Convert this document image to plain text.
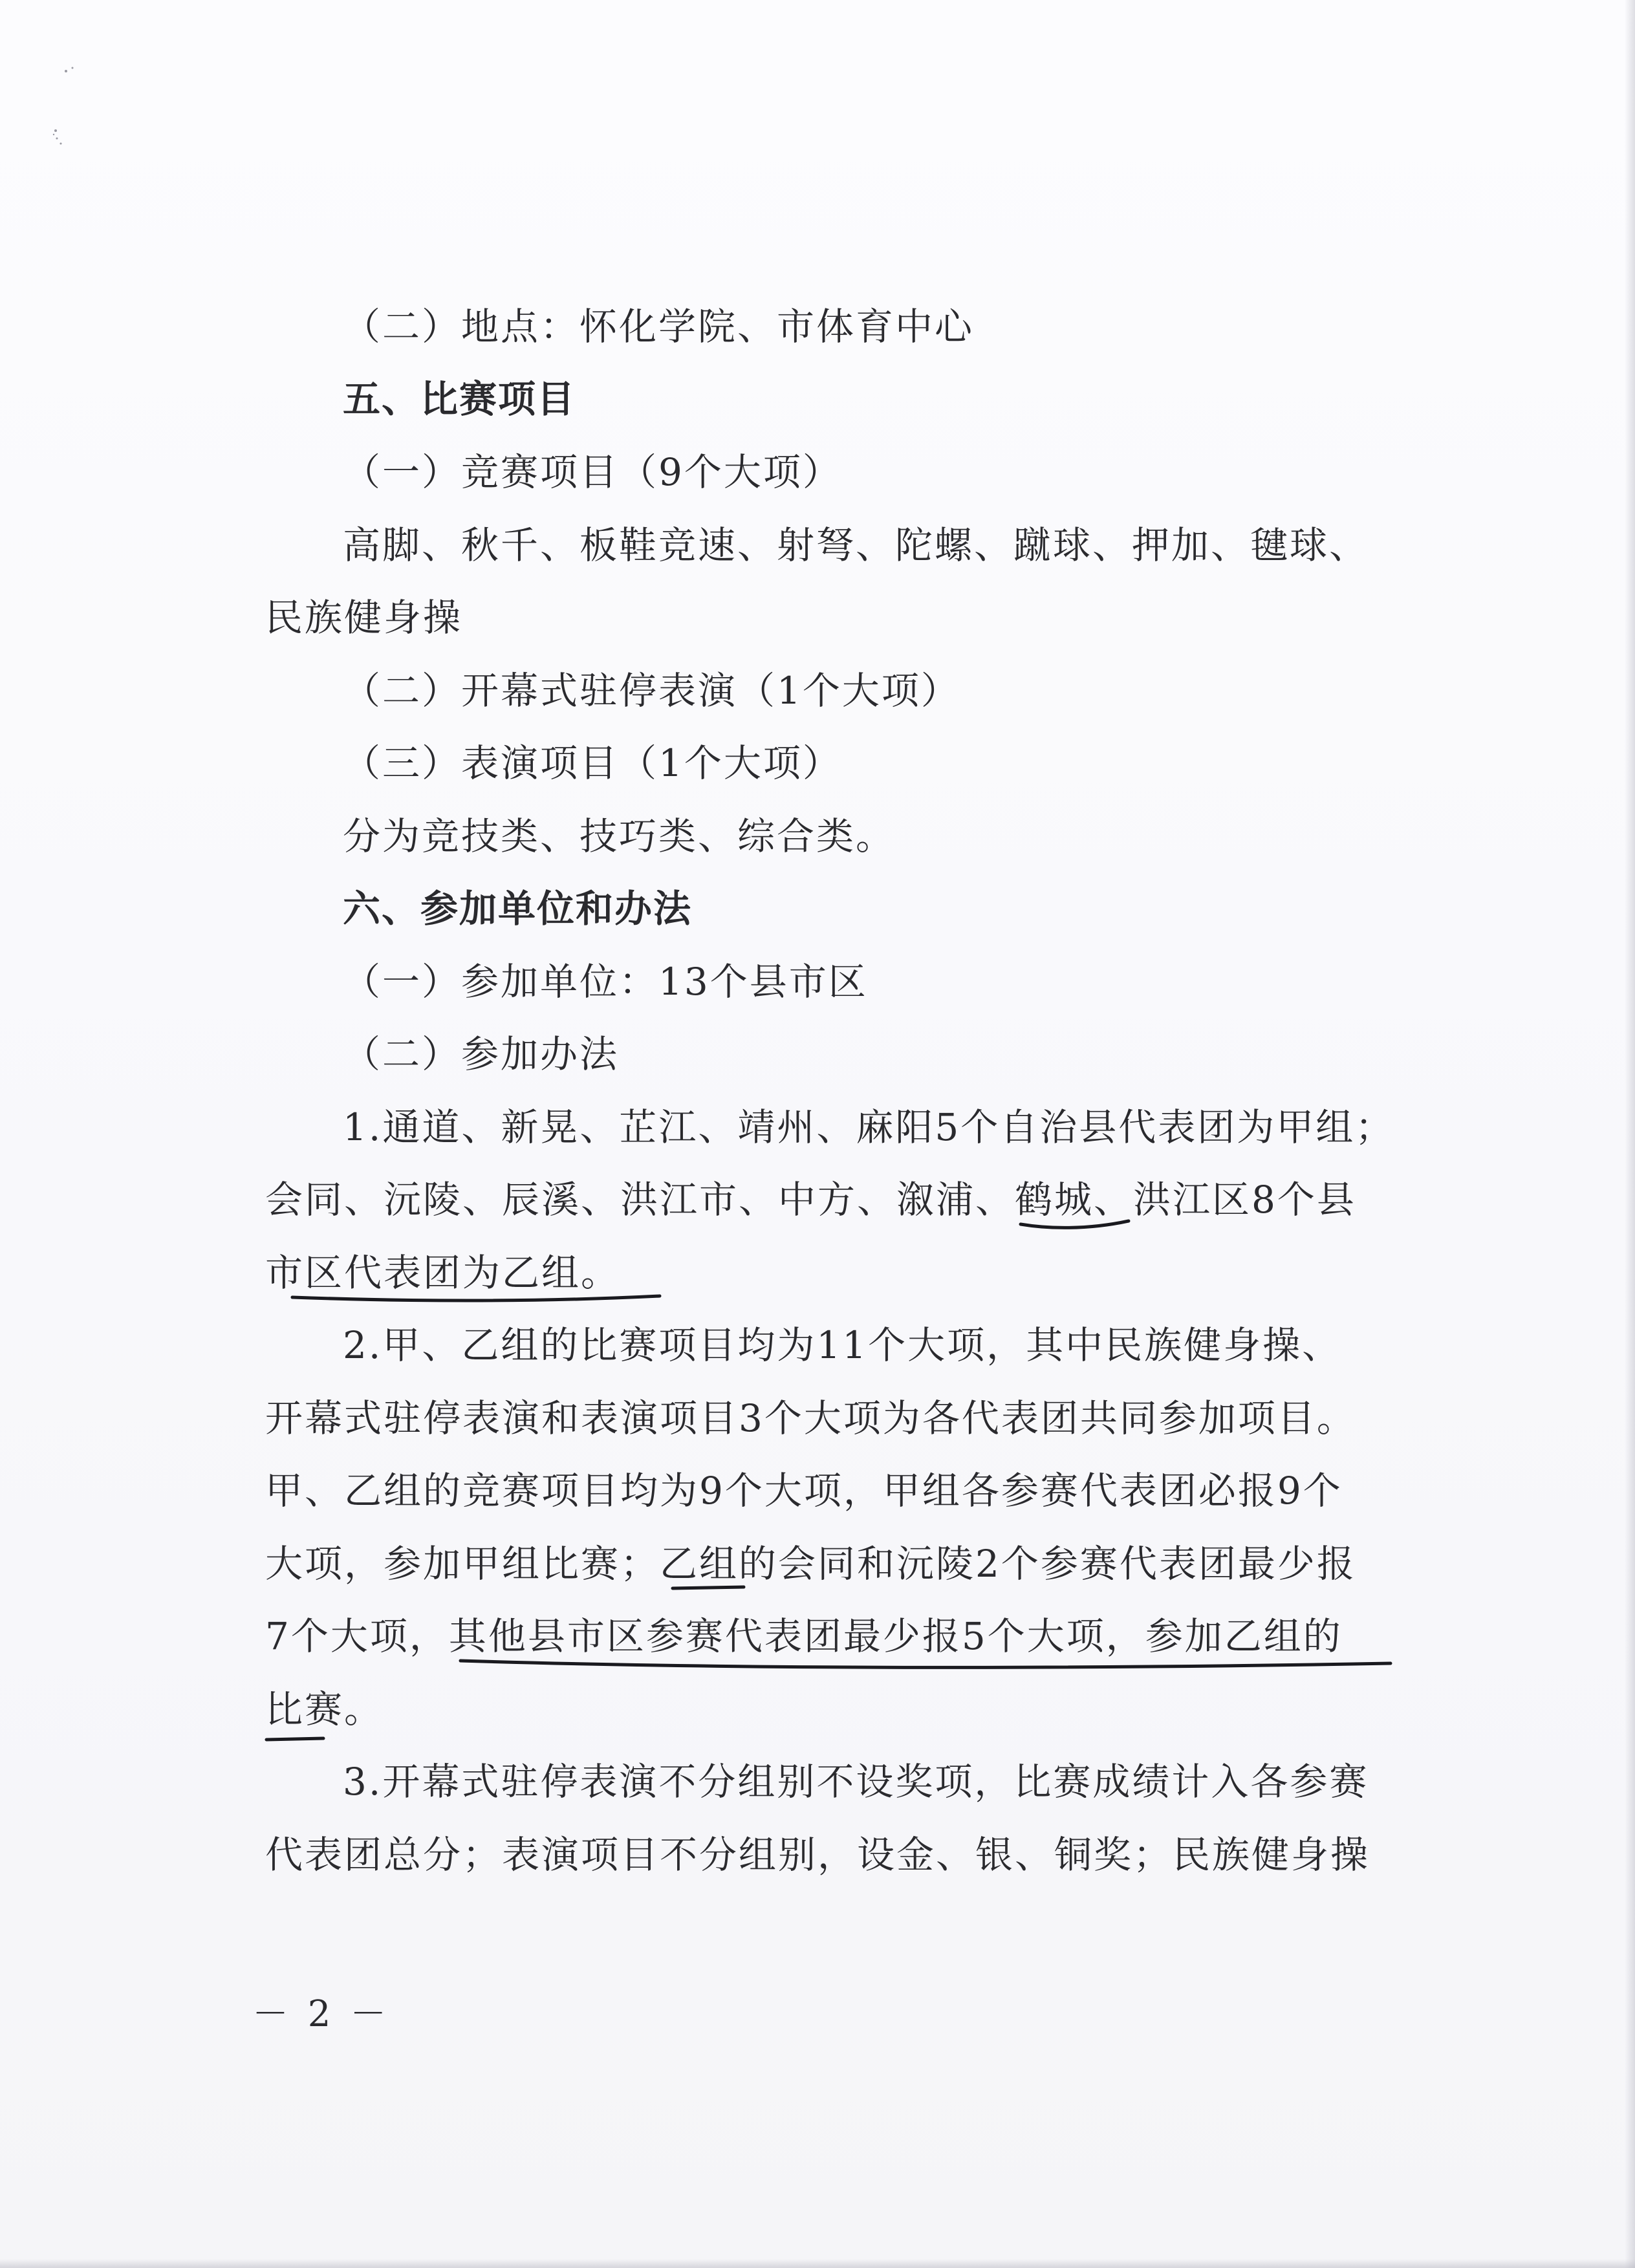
（二）地点：怀化学院、市体育中心
五、比赛项目
（一）竞赛项目（9个大项）
高脚、秋千、板鞋竞速、射弩、陀螺、蹴球、押加、毽球、
民族健身操
（二）开幕式驻停表演（1个大项）
（三）表演项目（1个大项）
分为竞技类、技巧类、综合类。
六、参加单位和办法
（一）参加单位：13个县市区
（二）参加办法
1.通道、新晃、芷江、靖州、麻阳5个自治县代表团为甲组；
会同、沅陵、辰溪、洪江市、中方、溆浦、鹤城、洪江区8个县
市区代表团为乙组。
2.甲、乙组的比赛项目均为11个大项，其中民族健身操、
开幕式驻停表演和表演项目3个大项为各代表团共同参加项目。
甲、乙组的竞赛项目均为9个大项，甲组各参赛代表团必报9个
大项，参加甲组比赛；乙组的会同和沅陵2个参赛代表团最少报
7个大项，其他县市区参赛代表团最少报5个大项，参加乙组的
比赛。
3.开幕式驻停表演不分组别不设奖项，比赛成绩计入各参赛
代表团总分；表演项目不分组别，设金、银、铜奖；民族健身操
－ 2 －
